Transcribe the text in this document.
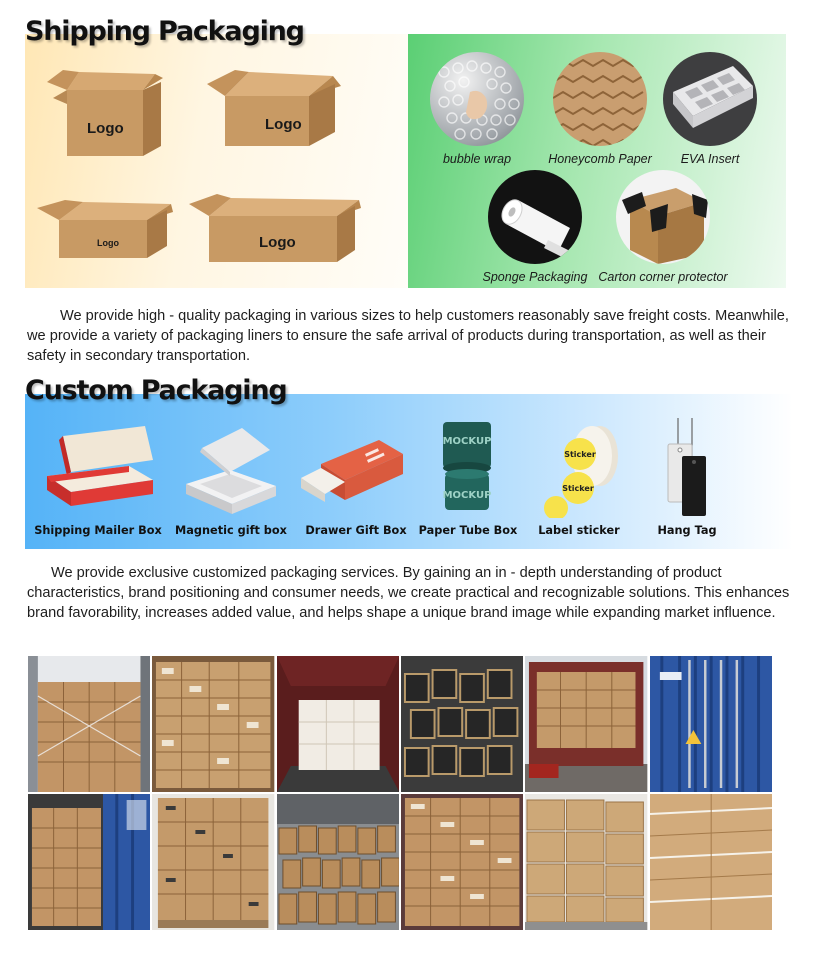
Shipping Packaging
Logo	Logo
Logo	Logo
bubble wrap	Honeycomb Paper	EVA Insert
Sponge Packaging Carton corner protector

We provide high - quality packaging in various sizes to help customers reasonably save freight costs. Meanwhile, we provide a variety of packaging liners to ensure the safe arrival of products during transportation, as well as their safety in secondary transportation.

Custom Packaging
Shipping Mailer Box	Magnetic gift box	Drawer Gift Box
MOCKUP
MOCKUP
Paper Tube Box
Sticker
Sticker
Label sticker	Hang Tag

We provide exclusive customized packaging services. By gaining an in - depth understanding of product characteristics, brand positioning and consumer needs, we create practical and recognizable solutions. This enhances brand favorability, increases added value, and helps shape a unique brand image while expanding market influence.
